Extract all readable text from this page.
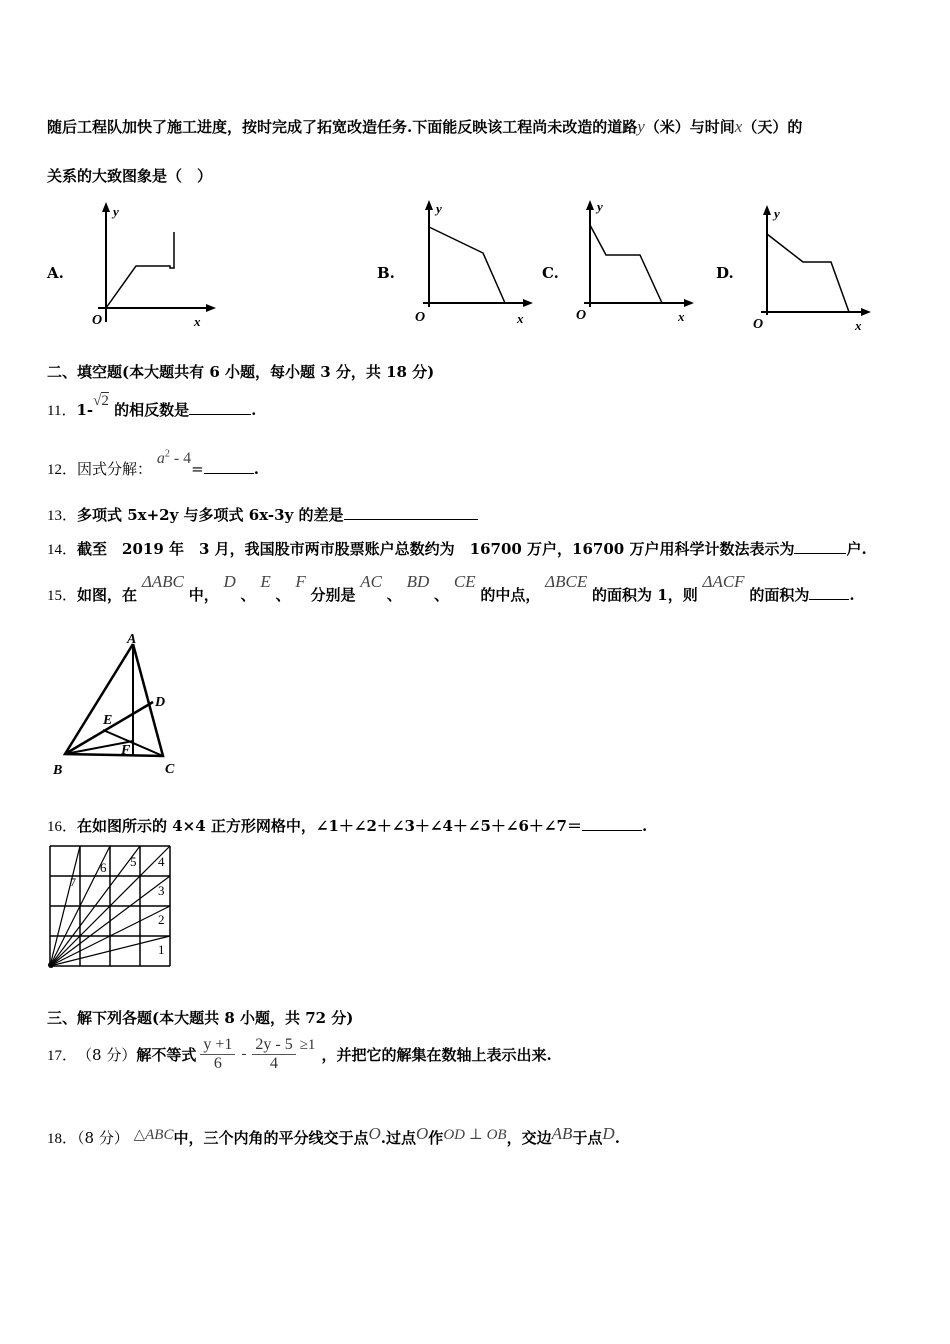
随后工程队加快了施工进度，按时完成了拓宽改造任务.下面能反映该工程尚未改造的道路y（米）与时间x（天）的
关系的大致图象是（　）
A.
y
O	x
B.
y
O	x
C.
y
O	x
D.
y
O	x
二、填空题(本大题共有 6 小题，每小题 3 分，共 18 分)
11．1-√2 的相反数是	.
12．因式分解： $a^2 - 4=$	.
13．多项式 5x+2y 与多项式 6x-3y 的差是
14．截至　2019 年　3 月，我国股市两市股票账户总数约为　16700 万户，16700 万户用科学计数法表示为	户.
15．如图，在 ΔABC 中， D 、 E 、 F 分别是 AC 、 BD 、 CE 的中点， ΔBCE 的面积为 1，则 ΔACF 的面积为	.
A
B	C
D
E
F
16．在如图所示的 4×4 正方形网格中，∠1＋∠2＋∠3＋∠4＋∠5＋∠6＋∠7＝	.
1
2
3
4
5
6
7
三、解下列各题(本大题共 8 小题，共 72 分)
17． （8 分） 解不等式 $\frac{y +1}{6} - \frac{2y - 5}{4} \ge 1$
，并把它的解集在数轴上表示出来.
18．（8 分） △ABC中，三个内角的平分线交于点O.过点O作OD ⊥ OB，交边AB于点D.
